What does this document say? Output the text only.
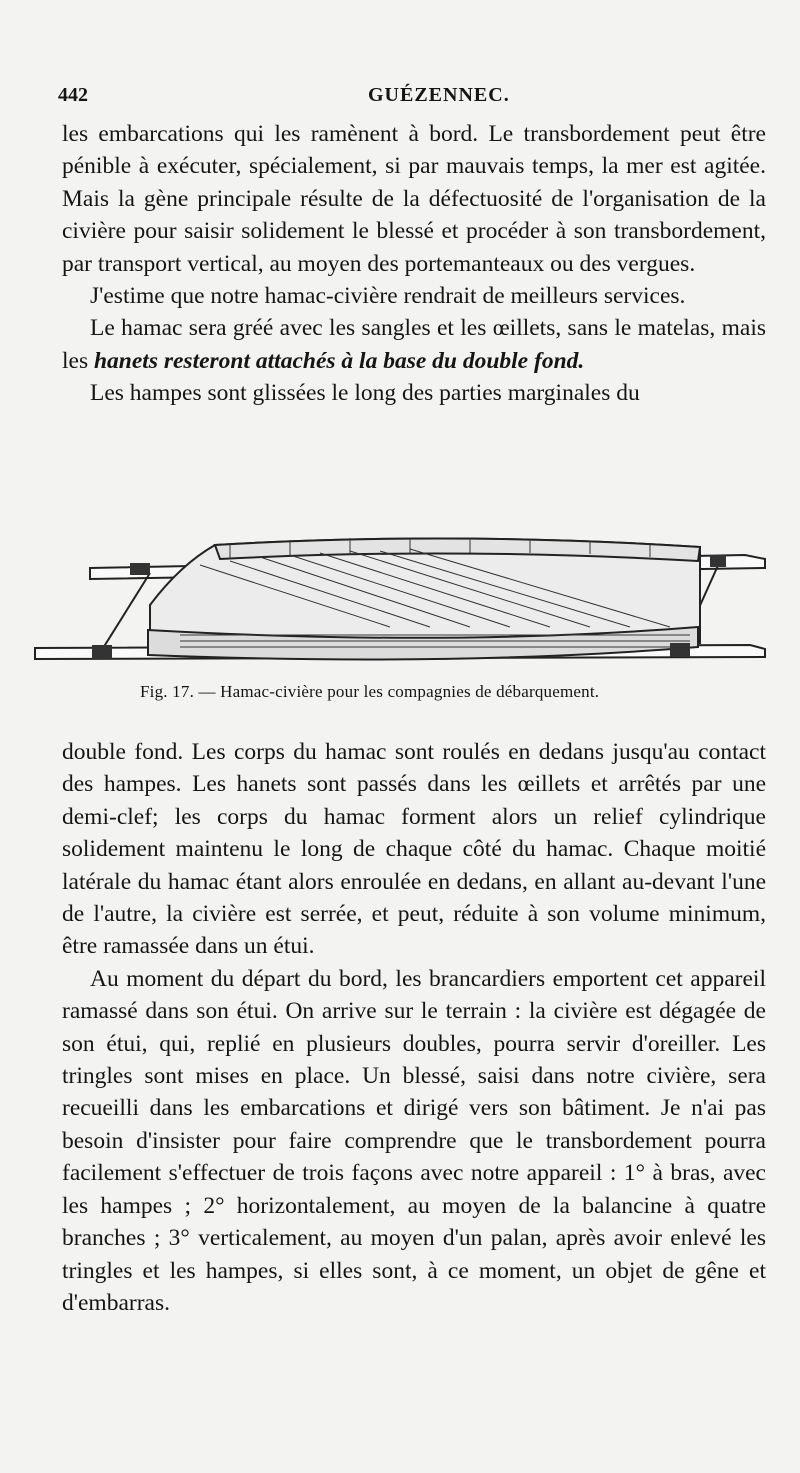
442	GUÉZENNEC.

les embarcations qui les ramènent à bord. Le transbordement peut être pénible à exécuter, spécialement, si par mauvais temps, la mer est agitée. Mais la gène principale résulte de la défectuosité de l'organisation de la civière pour saisir solidement le blessé et procéder à son transbordement, par transport vertical, au moyen des portemanteaux ou des vergues.

J'estime que notre hamac-civière rendrait de meilleurs services.

Le hamac sera gréé avec les sangles et les œillets, sans le matelas, mais les hanets resteront attachés à la base du double fond.

Les hampes sont glissées le long des parties marginales du

Fig. 17. — Hamac-civière pour les compagnies de débarquement.

double fond. Les corps du hamac sont roulés en dedans jusqu'au contact des hampes. Les hanets sont passés dans les œillets et arrêtés par une demi-clef; les corps du hamac forment alors un relief cylindrique solidement maintenu le long de chaque côté du hamac. Chaque moitié latérale du hamac étant alors enroulée en dedans, en allant au-devant l'une de l'autre, la civière est serrée, et peut, réduite à son volume minimum, être ramassée dans un étui.

Au moment du départ du bord, les brancardiers emportent cet appareil ramassé dans son étui. On arrive sur le terrain : la civière est dégagée de son étui, qui, replié en plusieurs doubles, pourra servir d'oreiller. Les tringles sont mises en place. Un blessé, saisi dans notre civière, sera recueilli dans les embarcations et dirigé vers son bâtiment. Je n'ai pas besoin d'insister pour faire comprendre que le transbordement pourra facilement s'effectuer de trois façons avec notre appareil : 1° à bras, avec les hampes ; 2° horizontalement, au moyen de la balancine à quatre branches ; 3° verticalement, au moyen d'un palan, après avoir enlevé les tringles et les hampes, si elles sont, à ce moment, un objet de gêne et d'embarras.
